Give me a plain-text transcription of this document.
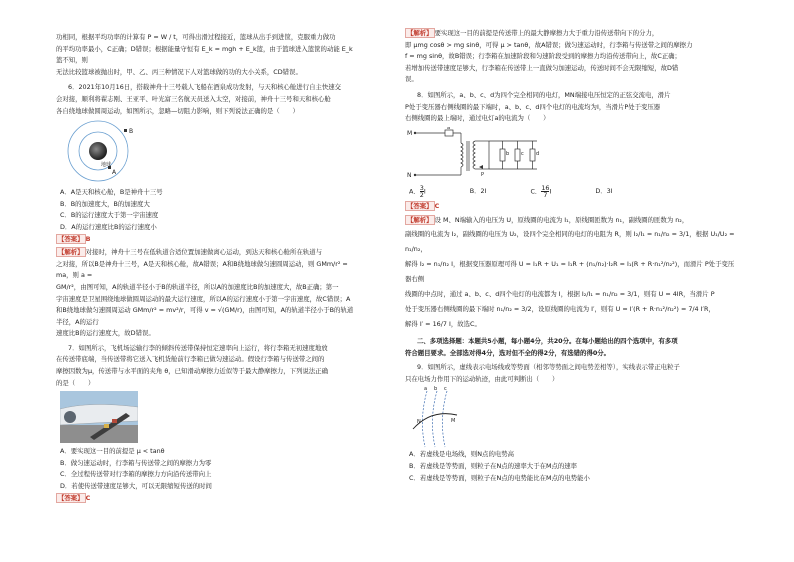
功相同，根据平均功率的计算有 P = W / t，可得出滑过程接近，篮球从出手到进筐，克服重力做功

的平均功率最小，C正确；D错误；根据能量守恒有 E_k = mgh + E_k篮，由于篮球进入篮筐的动能 E_k篮不知，则

无法比较篮球被抛出时，甲、乙、丙三种情况下人对篮球做的功的大小关系，CD错误。

6．2021年10月16日，搭载神舟十三号载人飞船在酒泉成功发射，与天和核心舱进行自主快速交

会对接，顺利将翟志刚、王亚平、叶光富三名航天员送入太空，对接前，神舟十三号和天和核心舱

各自绕地球做圆周运动，如图所示，忽略—切阻力影响，则下列说法正确的是（　　）

B
A
地球

A．A是天和核心舱，B是神舟十三号

B．B的加速度大，B的加速度大

C．B的运行速度大于第一宇宙速度

D．A的运行速度比B的运行速度小

【答案】 B

【解析】 对接时，神舟十三号在低轨道合适位置加速做离心运动，到达天和核心舱所在轨道与

之对接，所以B是神舟十三号，A是天和核心舱，故A错误；A和B绕地球做匀速圆周运动，则 GMm/r² = ma，则 a =

GM/r²，由图可知，A的轨道半径小于B的轨道半径，所以A的加速度比B的加速度大，故B正确；第一

宇宙速度是卫星围绕地球做圆周运动的最大运行速度，所以A的运行速度小于第一宇宙速度，故C错误；A

和B绕地球做匀速圆周运动 GMm/r² = mv²/r，可得 v = √(GM/r)，由图可知，A的轨道半径小于B的轨道半径，A的运行

速度比B的运行速度大，故D错误。

7．如图所示，飞机场运输行李的倾斜传送带保持恒定速率向上运行，将行李箱无初速度地放

在传送带底端，当传送带将它送入飞机货舱前行李箱已做匀速运动。假设行李箱与传送带之间的

摩擦因数为μ，传送带与水平面的夹角 θ，已知滑动摩擦力近似等于最大静摩擦力，下列说法正确

的是（　　）

A．要实现这一目的前提是 μ < tanθ

B．做匀速运动时，行李箱与传送带之间的摩擦力为零

C．全过程传送带对行李箱的摩擦力方向沿传送带向上

D．若使传送带速度足够大，可以无限缩短传送的时间

【答案】 C

【解析】 要实现这一目的前提是传送带上的最大静摩擦力大于重力沿传送带向下的分力，

即 μmg cosθ > mg sinθ，可得 μ > tanθ，故A错误；做匀速运动时，行李箱与传送带之间的摩擦力

f = mg sinθ，故B错误；行李箱在加速阶段和匀速阶段受到的摩擦力均沿传送带向上，故C正确；

若增加传送带速度足够大，行李箱在传送带上一直做匀加速运动，传送时间不会无限缩短，故D错

误。

8．如图所示，a、b、c、d为四个完全相同的电灯，MN端接电压恒定的正弦交流电，滑片

P处于变压器右侧线圈的最下端时，a、b、c、d四个电灯的电流均为I，当滑片P处于变压器

右侧线圈的最上端时，通过电灯a的电流为（　　）

M
N
a
b c d
P
A． $\frac{3}{2}$ I	B．2I	C． $\frac{16}{7}$ I	D．3I

【答案】 C

【解析】 设 M、N端输入的电压为 U，原线圈的电流为 I₁，原线圈匝数为 n₁，副线圈的匝数为 n₂，

副线圈的电流为 I₂，副线圈的电压为 U₂，设四个完全相同的电灯的电阻为 R，则 I₂/I₁ = n₁/n₂ = 3/1，根据 U₁/U₂ = n₁/n₂，

解得 I₂ = n₁/n₂ I，根据变压器原理可得 U = I₁R + U₁ = I₁R + (n₁/n₂)·I₂R = I₁(R + R·n₁²/n₂²)，而滑片 P处于变压器右侧

线圈的中点时，通过 a、b、c、d四个电灯的电流都为 I，根据 I₂/I₁ = n₁/n₂ = 3/1，则有 U = 4IR，当滑片 P

处于变压器右侧线圈的最下端时 n₁/n₂ = 3/2，设原线圈的电流为 I′，则有 U = I′(R + R·n₁²/n₂²) = 7/4 I′R，

解得 I′ = 16/7 I，故选C。

二、多项选择题：本题共5小题，每小题4分，共20分。在每小题给出的四个选项中，有多项

符合题目要求。全部选对得4分，选对但不全的得2分，有选错的得0分。

9．如图所示，虚线表示电场线或等势面（相邻等势面之间电势差相等），实线表示带正电粒子

只在电场力作用下的运动轨迹，由此可判断出（　　）

a b c
N	M

A．若虚线是电场线，则N点的电势高

B．若虚线是等势面，则粒子在N点的速率大于在M点的速率

C．若虚线是等势面，则粒子在N点的电势能比在M点的电势能小
